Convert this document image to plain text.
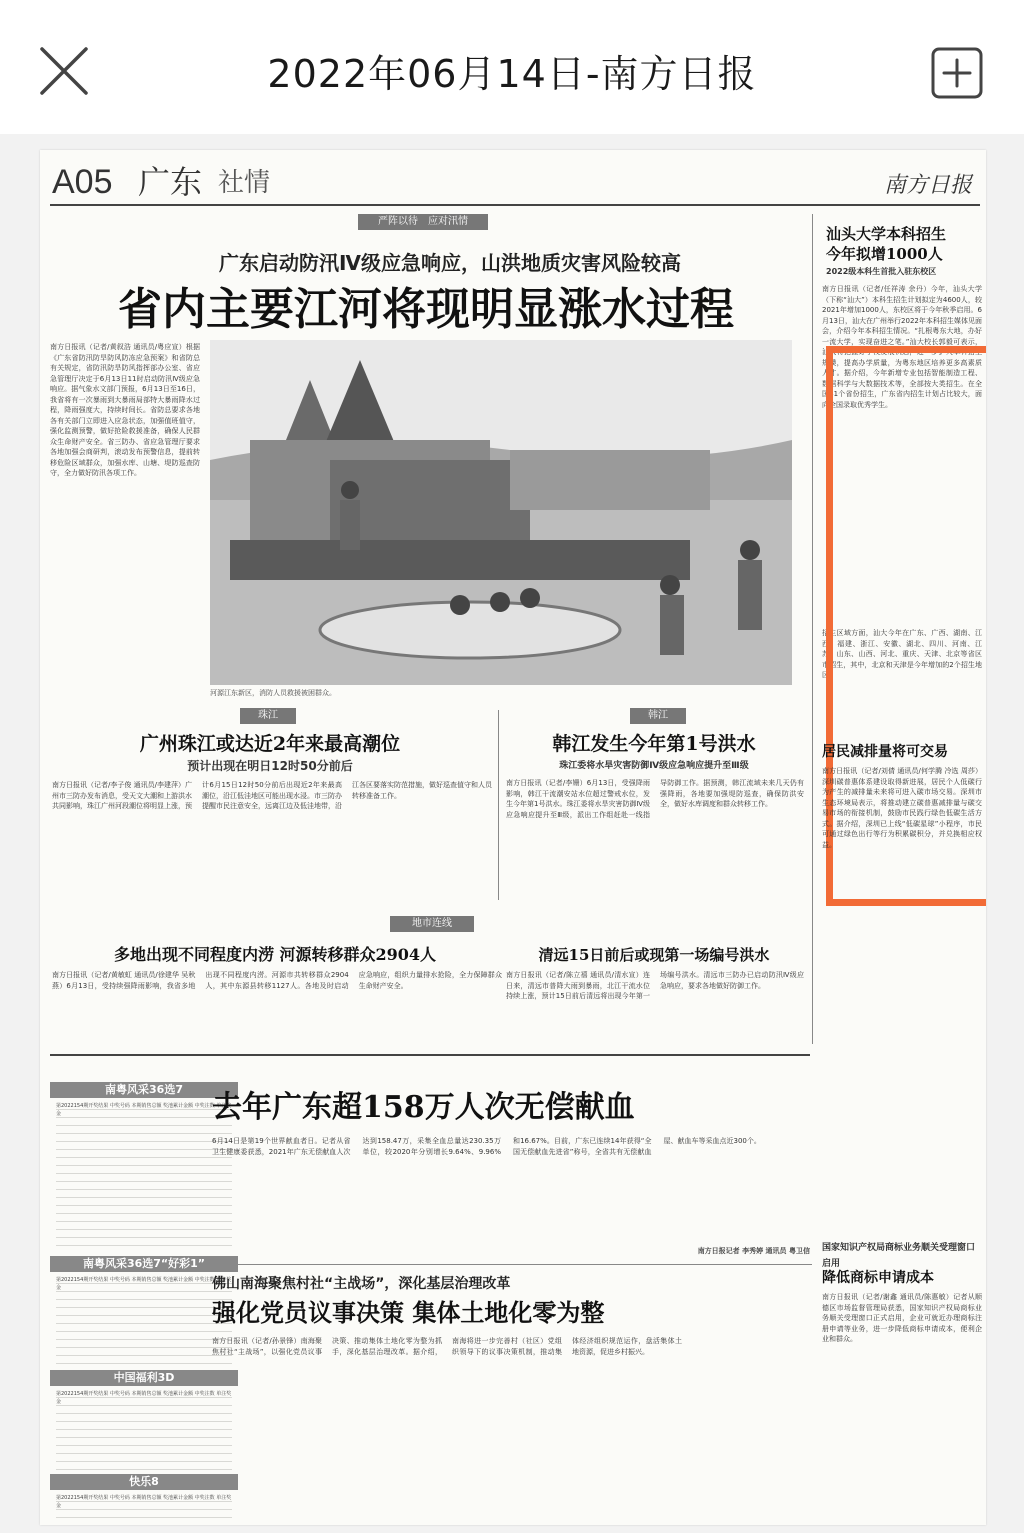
2022年06月14日-南方日报
A05 广东 社情	南方日报
严阵以待　应对汛情
广东启动防汛Ⅳ级应急响应，山洪地质灾害风险较高
省内主要江河将现明显涨水过程
南方日报讯（记者/黄叙浩 通讯员/粤应宣）根据《广东省防汛防旱防风防冻应急预案》和省防总有关规定，省防汛防旱防风指挥部办公室、省应急管理厅决定于6月13日11时启动防汛Ⅳ级应急响应。据气象水文部门预报，6月13日至16日，我省将有一次暴雨到大暴雨局部特大暴雨降水过程，降雨强度大，持续时间长。省防总要求各地各有关部门立即进入应急状态，加强值班值守，强化监测预警，做好抢险救援准备，确保人民群众生命财产安全。省三防办、省应急管理厅要求各地加强会商研判，滚动发布预警信息，提前转移危险区域群众，加强水库、山塘、堤防巡查防守，全力做好防汛各项工作。
河源江东新区，消防人员救援被困群众。
汕头大学本科招生
今年拟增1000人
2022级本科生首批入驻东校区
南方日报讯（记者/任祥涛 余丹）今年，汕头大学（下称“汕大”）本科生招生计划拟定为4600人，较2021年增加1000人，东校区将于今年秋季启用。6月13日，汕大在广州举行2022年本科招生媒体见面会，介绍今年本科招生情况。“扎根粤东大地，办好一流大学，实现奋进之笔。”汕大校长郭毅可表示，汕大将把握好学校发展机遇，进一步扩大本科招生规模，提高办学质量，为粤东地区培养更多高素质人才。据介绍，今年新增专业包括智能制造工程、数据科学与大数据技术等，全部按大类招生。在全国31个省份招生，广东省内招生计划占比较大，面向全国录取优秀学生。
招生区域方面，汕大今年在广东、广西、湖南、江西、福建、浙江、安徽、湖北、四川、河南、江苏、山东、山西、河北、重庆、天津、北京等省区市招生，其中，北京和天津是今年增加的2个招生地区。
居民减排量将可交易
南方日报讯（记者/刘倩 通讯员/何学腾 冷选 周莎）深圳碳普惠体系建设取得新进展，居民个人低碳行为产生的减排量未来将可进入碳市场交易。深圳市生态环境局表示，将推动建立碳普惠减排量与碳交易市场的衔接机制，鼓励市民践行绿色低碳生活方式。据介绍，深圳已上线“低碳星球”小程序，市民可通过绿色出行等行为积累碳积分，并兑换相应权益。
珠江
广州珠江或达近2年来最高潮位
预计出现在明日12时50分前后
南方日报讯（记者/李子俊 通讯员/李建萍）广州市三防办发布消息，受天文大潮和上游洪水共同影响，珠江广州河段潮位将明显上涨，预计6月15日12时50分前后出现近2年来最高潮位，沿江低洼地区可能出现水浸。市三防办提醒市民注意安全，远离江边及低洼地带，沿江各区要落实防范措施，做好巡查值守和人员转移准备工作。
韩江
韩江发生今年第1号洪水
珠江委将水旱灾害防御Ⅳ级应急响应提升至Ⅲ级
南方日报讯（记者/李姗）6月13日，受强降雨影响，韩江干流潮安站水位超过警戒水位，发生今年第1号洪水。珠江委将水旱灾害防御Ⅳ级应急响应提升至Ⅲ级，派出工作组赶赴一线指导防御工作。据预测，韩江流域未来几天仍有强降雨，各地要加强堤防巡查，确保防洪安全，做好水库调度和群众转移工作。
地市连线
多地出现不同程度内涝 河源转移群众2904人
南方日报讯（记者/黄敏虹 通讯员/徐建华 吴秋燕）6月13日，受持续强降雨影响，我省多地出现不同程度内涝。河源市共转移群众2904人，其中东源县转移1127人。各地及时启动应急响应，组织力量排水抢险，全力保障群众生命财产安全。
清远15日前后或现第一场编号洪水
南方日报讯（记者/陈立禧 通讯员/清水宣）连日来，清远市普降大雨到暴雨，北江干流水位持续上涨，预计15日前后清远将出现今年第一场编号洪水。清远市三防办已启动防汛Ⅳ级应急响应，要求各地做好防御工作。
南粤风采36选7
第2022154期开奖结果 中奖号码 本期销售总额 奖池累计金额 中奖注数 单注奖金
南粤风采36选7“好彩1”
第2022154期开奖结果 中奖号码 本期销售总额 奖池累计金额 中奖注数 单注奖金
中国福利3D
第2022154期开奖结果 中奖号码 本期销售总额 奖池累计金额 中奖注数 单注奖金
快乐8
第2022154期开奖结果 中奖号码 本期销售总额 奖池累计金额 中奖注数 单注奖金
去年广东超158万人次无偿献血
6月14日是第19个世界献血者日。记者从省卫生健康委获悉，2021年广东无偿献血人次达到158.47万，采集全血总量达230.35万单位，较2020年分别增长9.64%、9.96%和16.67%。目前，广东已连续14年获得“全国无偿献血先进省”称号，全省共有无偿献血屋、献血车等采血点近300个。
南方日报记者 李秀婷 通讯员 粤卫信
佛山南海聚焦村社“主战场”，深化基层治理改革
强化党员议事决策 集体土地化零为整
南方日报讯（记者/孙景锋）南海聚焦村社“主战场”，以强化党员议事决策、推动集体土地化零为整为抓手，深化基层治理改革。据介绍，南海将进一步完善村（社区）党组织领导下的议事决策机制，推动集体经济组织规范运作，盘活集体土地资源，促进乡村振兴。
国家知识产权局商标业务顺关受理窗口启用
降低商标申请成本
南方日报讯（记者/谢鑫 通讯员/陈惠敏）记者从顺德区市场监督管理局获悉，国家知识产权局商标业务顺关受理窗口正式启用，企业可就近办理商标注册申请等业务，进一步降低商标申请成本，便利企业和群众。
